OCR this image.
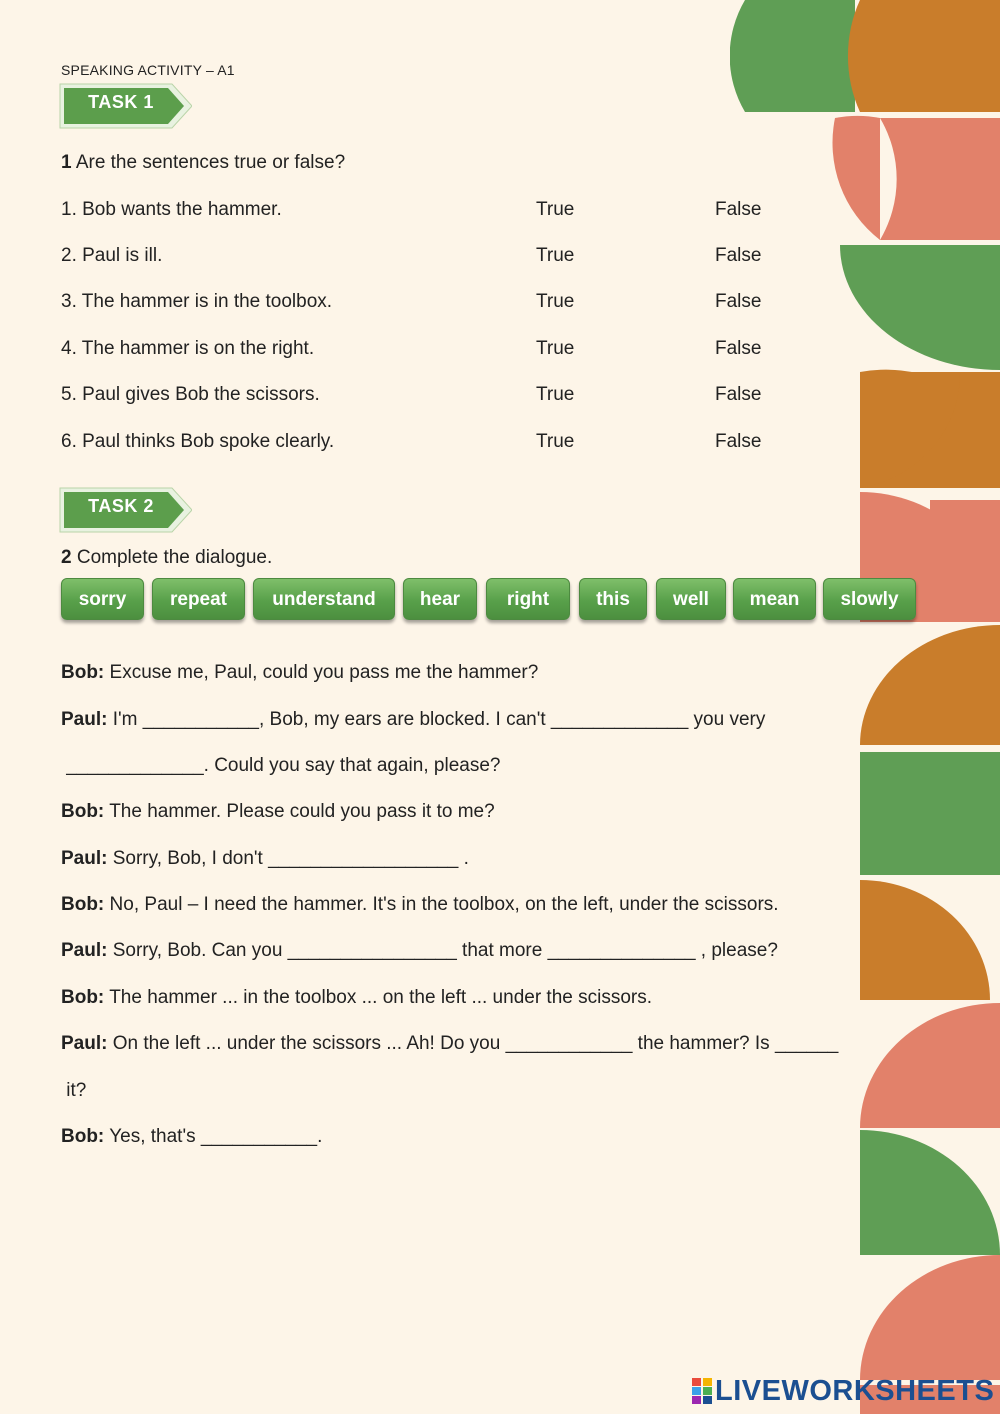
SPEAKING ACTIVITY – A1
TASK 1
1 Are the sentences true or false?
1. Bob wants the hammer.	True	False
2. Paul is ill.	True	False
3. The hammer is in the toolbox.	True	False
4. The hammer is on the right.	True	False
5. Paul gives Bob the scissors.	True	False
6. Paul thinks Bob spoke clearly.	True	False
TASK 2
2 Complete the dialogue.
sorry	repeat	understand	hear	right	this	well	mean	slowly
Bob: Excuse me, Paul, could you pass me the hammer?
Paul: I'm ___________, Bob, my ears are blocked. I can't _____________ you very
_____________. Could you say that again, please?
Bob: The hammer. Please could you pass it to me?
Paul: Sorry, Bob, I don't __________________ .
Bob: No, Paul – I need the hammer. It's in the toolbox, on the left, under the scissors.
Paul: Sorry, Bob. Can you ________________ that more ______________ , please?
Bob: The hammer ... in the toolbox ... on the left ... under the scissors.
Paul: On the left ... under the scissors ... Ah! Do you ____________ the hammer? Is ______
it?
Bob: Yes, that's ___________.
LIVEWORKSHEETS
